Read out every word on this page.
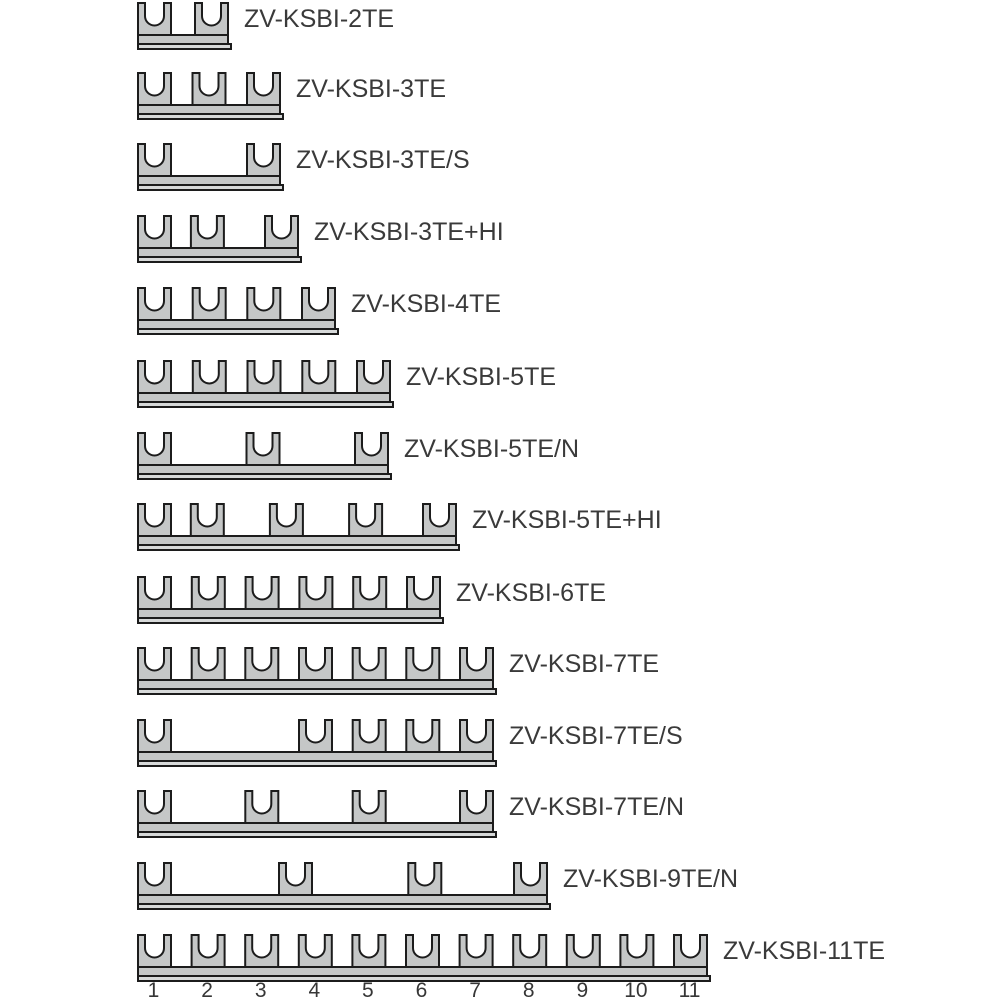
ZV-KSBI-2TE
ZV-KSBI-3TE
ZV-KSBI-3TE/S
ZV-KSBI-3TE+HI
ZV-KSBI-4TE
ZV-KSBI-5TE
ZV-KSBI-5TE/N
ZV-KSBI-5TE+HI
ZV-KSBI-6TE
ZV-KSBI-7TE
ZV-KSBI-7TE/S
ZV-KSBI-7TE/N
ZV-KSBI-9TE/N
ZV-KSBI-11TE
1 2 3 4 5 6 7 8 9 10 11
